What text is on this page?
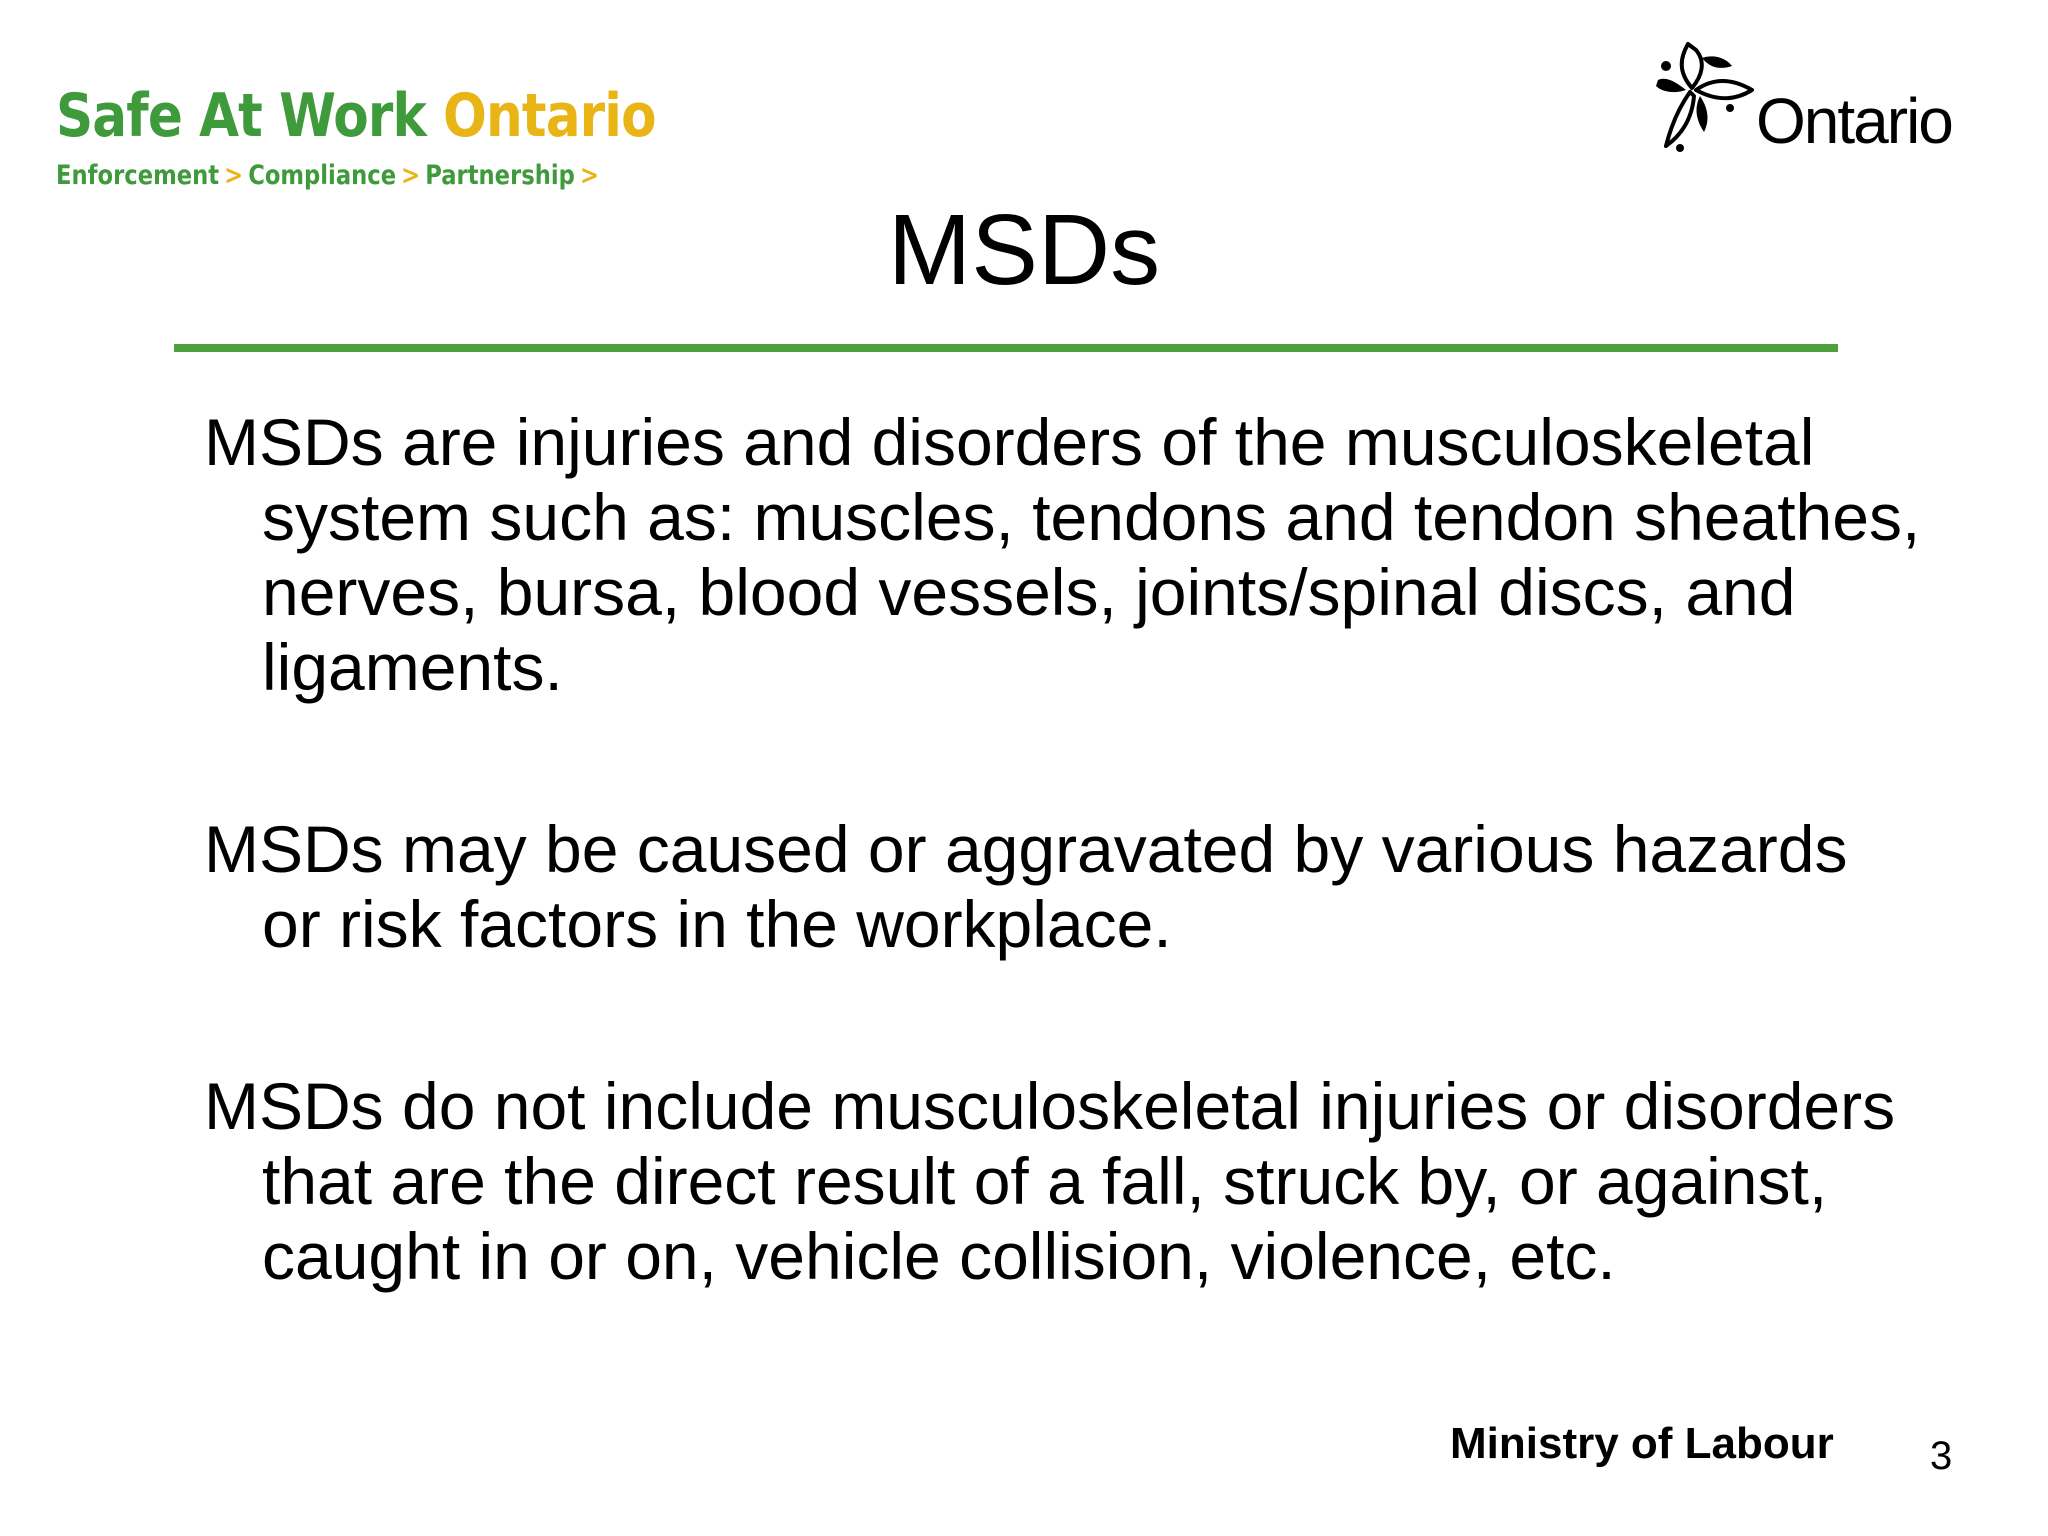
Safe At Work Ontario
Enforcement > Compliance > Partnership >
Ontario
MSDs

MSDs are injuries and disorders of the musculoskeletal system such as: muscles, tendons and tendon sheathes, nerves, bursa, blood vessels, joints/spinal discs, and ligaments.

MSDs may be caused or aggravated by various hazards or risk factors in the workplace.

MSDs do not include musculoskeletal injuries or disorders that are the direct result of a fall, struck by, or against, caught in or on, vehicle collision, violence, etc.

Ministry of Labour 3
